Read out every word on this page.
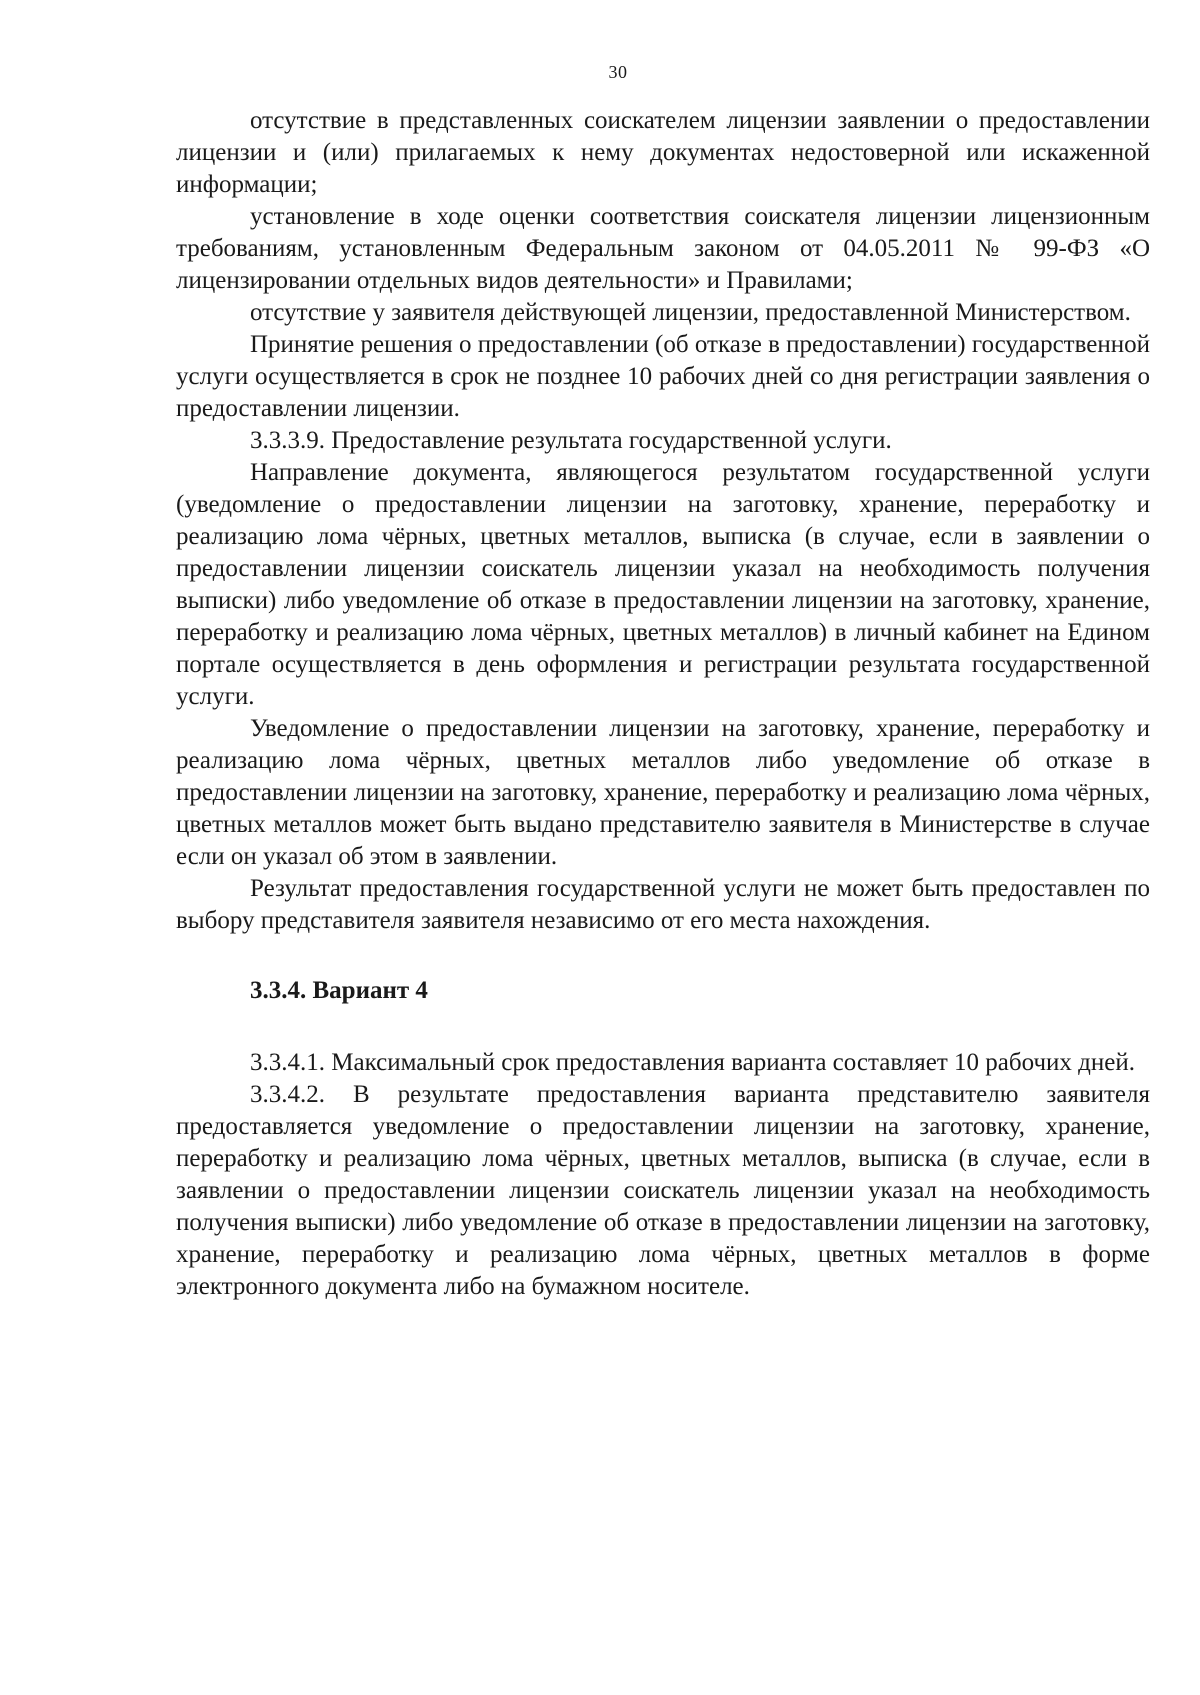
30

отсутствие в представленных соискателем лицензии заявлении о предоставлении лицензии и (или) прилагаемых к нему документах недостоверной или искаженной информации;

установление в ходе оценки соответствия соискателя лицензии лицензионным требованиям, установленным Федеральным законом от 04.05.2011 № 99-ФЗ «О лицензировании отдельных видов деятельности» и Правилами;

отсутствие у заявителя действующей лицензии, предоставленной Министерством.

Принятие решения о предоставлении (об отказе в предоставлении) государственной услуги осуществляется в срок не позднее 10 рабочих дней со дня регистрации заявления о предоставлении лицензии.

3.3.3.9. Предоставление результата государственной услуги.

Направление документа, являющегося результатом государственной услуги (уведомление о предоставлении лицензии на заготовку, хранение, переработку и реализацию лома чёрных, цветных металлов, выписка (в случае, если в заявлении о предоставлении лицензии соискатель лицензии указал на необходимость получения выписки) либо уведомление об отказе в предоставлении лицензии на заготовку, хранение, переработку и реализацию лома чёрных, цветных металлов) в личный кабинет на Едином портале осуществляется в день оформления и регистрации результата государственной услуги.

Уведомление о предоставлении лицензии на заготовку, хранение, переработку и реализацию лома чёрных, цветных металлов либо уведомление об отказе в предоставлении лицензии на заготовку, хранение, переработку и реализацию лома чёрных, цветных металлов может быть выдано представителю заявителя в Министерстве в случае если он указал об этом в заявлении.

Результат предоставления государственной услуги не может быть предоставлен по выбору представителя заявителя независимо от его места нахождения.

3.3.4. Вариант 4

3.3.4.1. Максимальный срок предоставления варианта составляет 10 рабочих дней.

3.3.4.2. В результате предоставления варианта представителю заявителя предоставляется уведомление о предоставлении лицензии на заготовку, хранение, переработку и реализацию лома чёрных, цветных металлов, выписка (в случае, если в заявлении о предоставлении лицензии соискатель лицензии указал на необходимость получения выписки) либо уведомление об отказе в предоставлении лицензии на заготовку, хранение, переработку и реализацию лома чёрных, цветных металлов в форме электронного документа либо на бумажном носителе.
